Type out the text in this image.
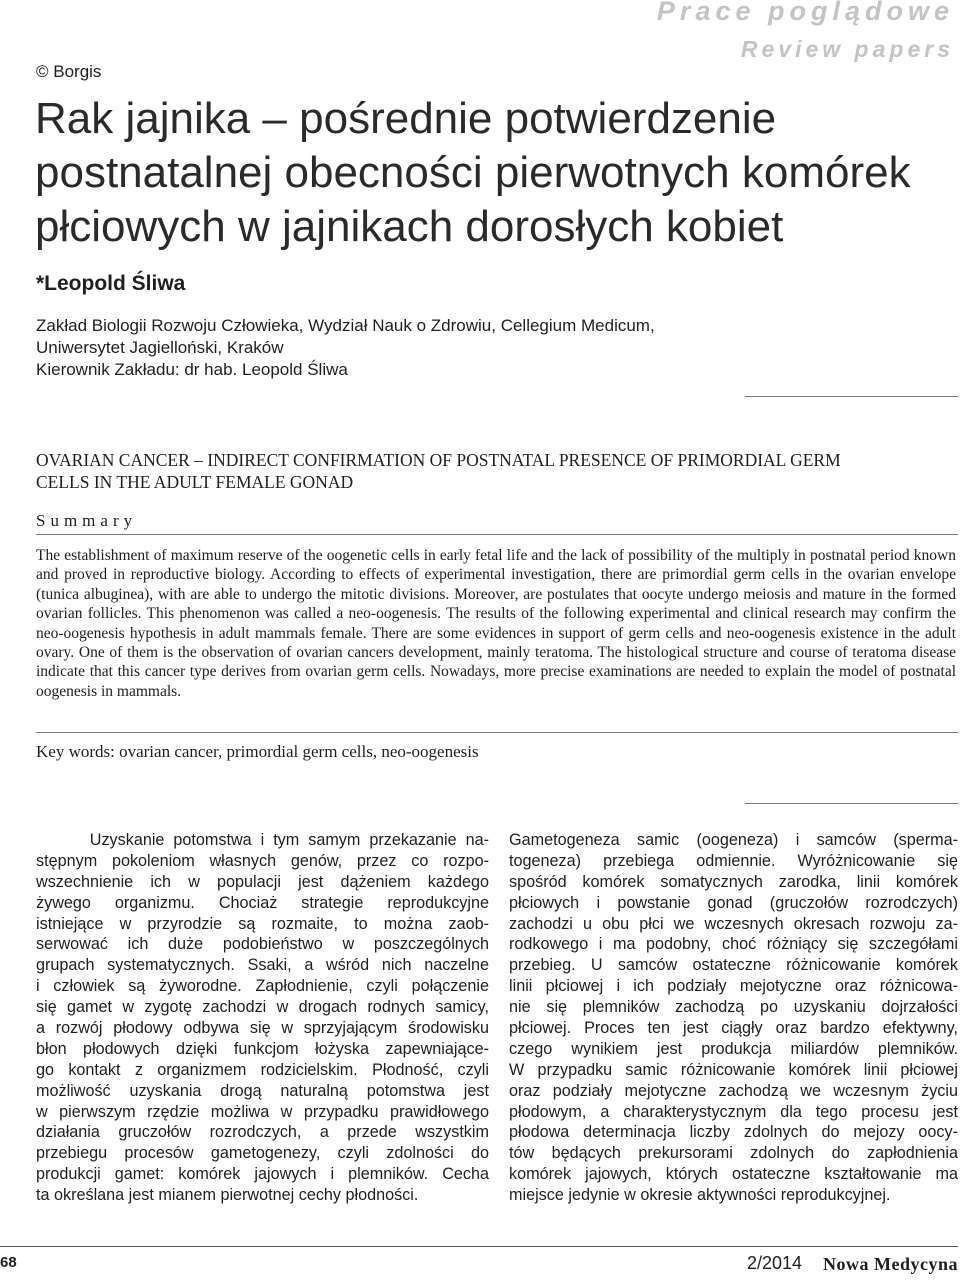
Prace poglądowe
Review papers
© Borgis
Rak jajnika – pośrednie potwierdzenie
postnatalnej obecności pierwotnych komórek
płciowych w jajnikach dorosłych kobiet
*Leopold Śliwa
Zakład Biologii Rozwoju Człowieka, Wydział Nauk o Zdrowiu, Cellegium Medicum,
Uniwersytet Jagielloński, Kraków
Kierownik Zakładu: dr hab. Leopold Śliwa
OVARIAN CANCER – INDIRECT CONFIRMATION OF POSTNATAL PRESENCE OF PRIMORDIAL GERM
CELLS IN THE ADULT FEMALE GONAD
Summary
The establishment of maximum reserve of the oogenetic cells in early fetal life and the lack of possibility of the multiply in postnatal period known and proved in reproductive biology. According to effects of experimental investigation, there are primordial germ cells in the ovarian envelope (tunica albuginea), with are able to undergo the mitotic divisions. Moreover, are postulates that oocyte undergo meiosis and mature in the formed ovarian follicles. This phenomenon was called a neo-oogenesis. The results of the following experimental and clinical research may confirm the neo-oogenesis hypothesis in adult mammals female. There are some evidences in support of germ cells and neo-oogenesis existence in the adult ovary. One of them is the observation of ovarian cancers development, mainly teratoma. The histological structure and course of teratoma disease indicate that this cancer type derives from ovarian germ cells. Nowadays, more precise examinations are needed to explain the model of postnatal oogenesis in mammals.
Key words: ovarian cancer, primordial germ cells, neo-oogenesis
Uzyskanie potomstwa i tym samym przekazanie na-
stępnym pokoleniom własnych genów, przez co rozpo-
wszechnienie ich w populacji jest dążeniem każdego
żywego organizmu. Chociaż strategie reprodukcyjne
istniejące w przyrodzie są rozmaite, to można zaob-
serwować ich duże podobieństwo w poszczególnych
grupach systematycznych. Ssaki, a wśród nich naczelne
i człowiek są żyworodne. Zapłodnienie, czyli połączenie
się gamet w zygotę zachodzi w drogach rodnych samicy,
a rozwój płodowy odbywa się w sprzyjającym środowisku
błon płodowych dzięki funkcjom łożyska zapewniające-
go kontakt z organizmem rodzicielskim. Płodność, czyli
możliwość uzyskania drogą naturalną potomstwa jest
w pierwszym rzędzie możliwa w przypadku prawidłowego
działania gruczołów rozrodczych, a przede wszystkim
przebiegu procesów gametogenezy, czyli zdolności do
produkcji gamet: komórek jajowych i plemników. Cecha
ta określana jest mianem pierwotnej cechy płodności.
Gametogeneza samic (oogeneza) i samców (sperma-
togeneza) przebiega odmiennie. Wyróżnicowanie się
spośród komórek somatycznych zarodka, linii komórek
płciowych i powstanie gonad (gruczołów rozrodczych)
zachodzi u obu płci we wczesnych okresach rozwoju za-
rodkowego i ma podobny, choć różniący się szczegółami
przebieg. U samców ostateczne różnicowanie komórek
linii płciowej i ich podziały mejotyczne oraz różnicowa-
nie się plemników zachodzą po uzyskaniu dojrzałości
płciowej. Proces ten jest ciągły oraz bardzo efektywny,
czego wynikiem jest produkcja miliardów plemników.
W przypadku samic różnicowanie komórek linii płciowej
oraz podziały mejotyczne zachodzą we wczesnym życiu
płodowym, a charakterystycznym dla tego procesu jest
płodowa determinacja liczby zdolnych do mejozy oocy-
tów będących prekursorami zdolnych do zapłodnienia
komórek jajowych, których ostateczne kształtowanie ma
miejsce jedynie w okresie aktywności reprodukcyjnej.
68	2/2014 Nowa Medycyna
